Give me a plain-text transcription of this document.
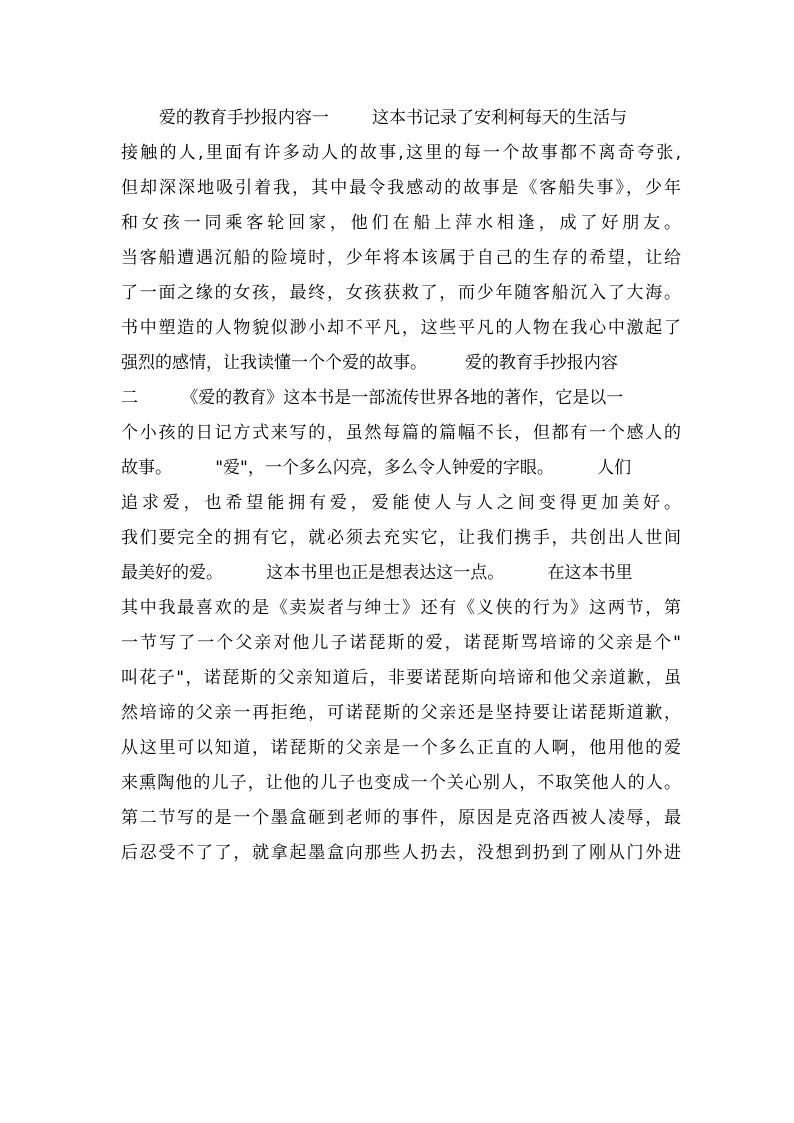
爱的教育手抄报内容一        这本书记录了安利柯每天的生活与
接触的人,里面有许多动人的故事,这里的每一个故事都不离奇夸张,
但却深深地吸引着我，其中最令我感动的故事是《客船失事》，少年
和女孩一同乘客轮回家，他们在船上萍水相逢，成了好朋友。
当客船遭遇沉船的险境时，少年将本该属于自己的生存的希望，让给
了一面之缘的女孩，最终，女孩获救了，而少年随客船沉入了大海。
书中塑造的人物貌似渺小却不平凡，这些平凡的人物在我心中激起了
强烈的感情，让我读懂一个个爱的故事。       爱的教育手抄报内容
二        《爱的教育》这本书是一部流传世界各地的著作，它是以一
个小孩的日记方式来写的，虽然每篇的篇幅不长，但都有一个感人的
故事。        "爱"，一个多么闪亮，多么令人钟爱的字眼。        人们
追求爱，也希望能拥有爱，爱能使人与人之间变得更加美好。
我们要完全的拥有它，就必须去充实它，让我们携手，共创出人世间
最美好的爱。        这本书里也正是想表达这一点。        在这本书里
其中我最喜欢的是《卖炭者与绅士》还有《义侠的行为》这两节，第
一节写了一个父亲对他儿子诺琵斯的爱，诺琵斯骂培谛的父亲是个"
叫花子"，诺琵斯的父亲知道后，非要诺琵斯向培谛和他父亲道歉，虽
然培谛的父亲一再拒绝，可诺琵斯的父亲还是坚持要让诺琵斯道歉，
从这里可以知道，诺琵斯的父亲是一个多么正直的人啊，他用他的爱
来熏陶他的儿子，让他的儿子也变成一个关心别人，不取笑他人的人。
第二节写的是一个墨盒砸到老师的事件，原因是克洛西被人凌辱，最
后忍受不了了，就拿起墨盒向那些人扔去，没想到扔到了刚从门外进
